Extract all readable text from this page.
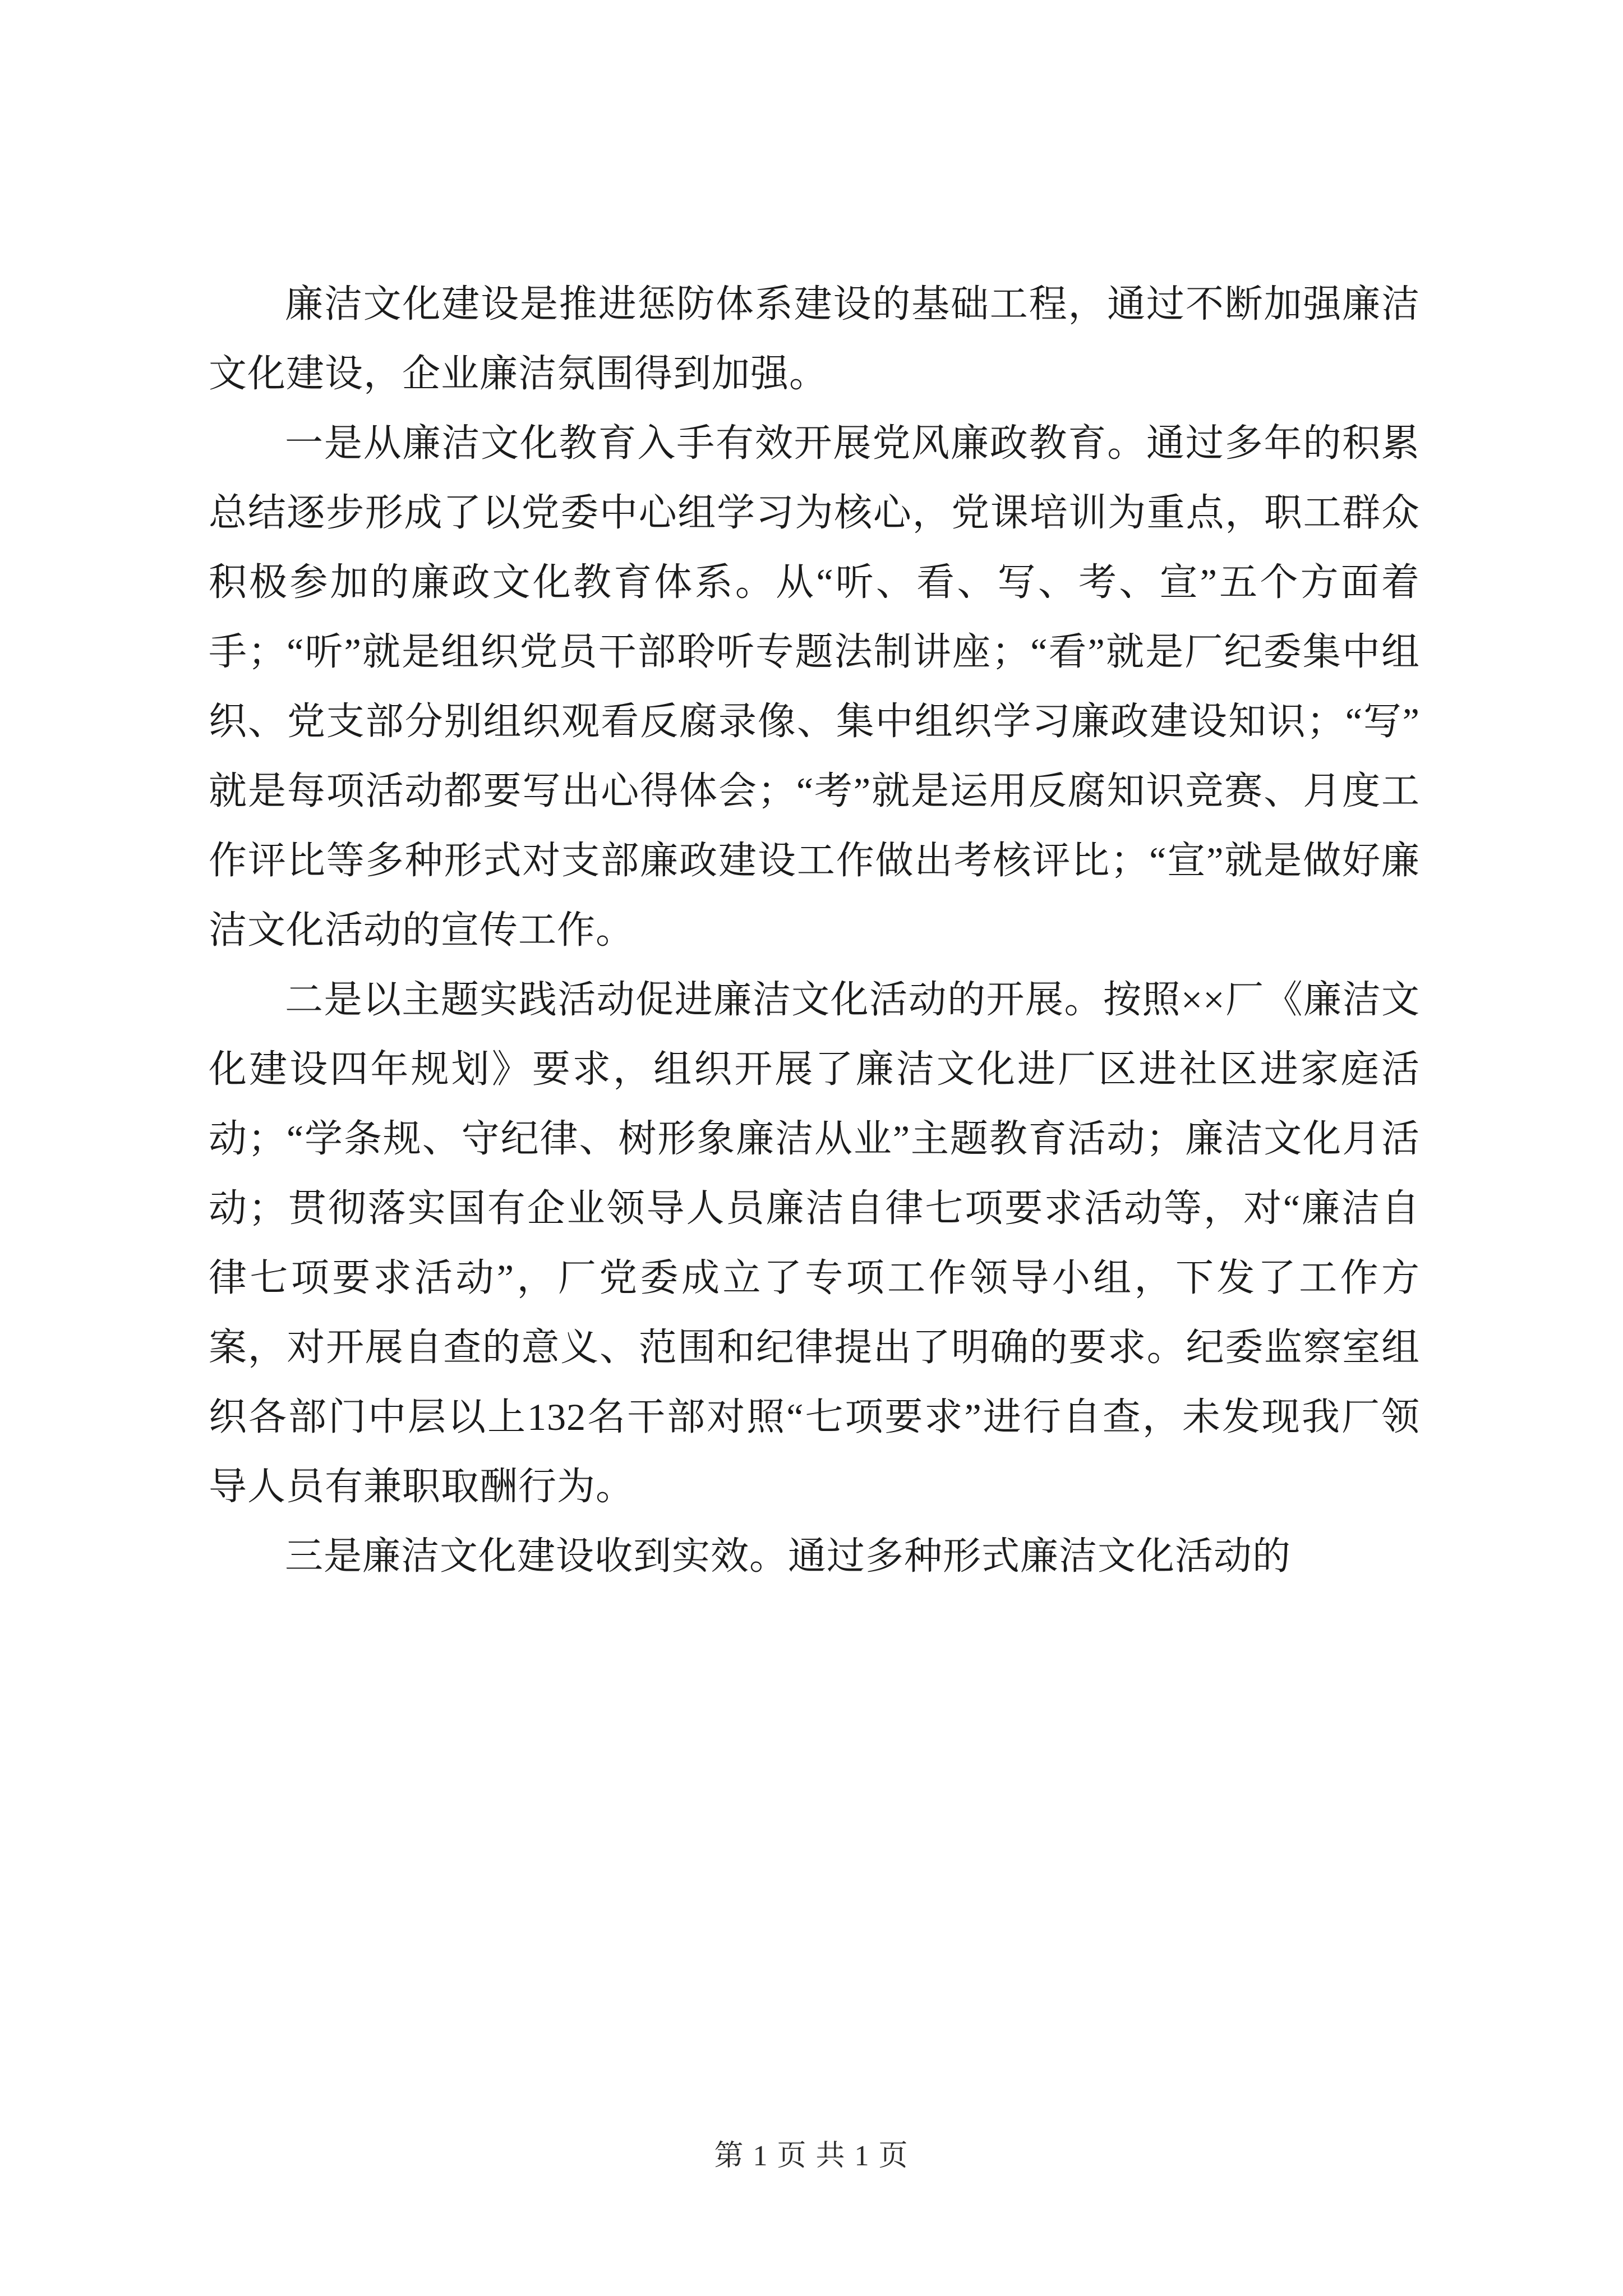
廉洁文化建设是推进惩防体系建设的基础工程，通过不断加强廉洁文化建设，企业廉洁氛围得到加强。

一是从廉洁文化教育入手有效开展党风廉政教育。通过多年的积累总结逐步形成了以党委中心组学习为核心，党课培训为重点，职工群众积极参加的廉政文化教育体系。从“听、看、写、考、宣”五个方面着手；“听”就是组织党员干部聆听专题法制讲座；“看”就是厂纪委集中组织、党支部分别组织观看反腐录像、集中组织学习廉政建设知识；“写”就是每项活动都要写出心得体会；“考”就是运用反腐知识竞赛、月度工作评比等多种形式对支部廉政建设工作做出考核评比；“宣”就是做好廉洁文化活动的宣传工作。

二是以主题实践活动促进廉洁文化活动的开展。按照××厂《廉洁文化建设四年规划》要求，组织开展了廉洁文化进厂区进社区进家庭活动；“学条规、守纪律、树形象廉洁从业”主题教育活动；廉洁文化月活动；贯彻落实国有企业领导人员廉洁自律七项要求活动等，对“廉洁自律七项要求活动”，厂党委成立了专项工作领导小组，下发了工作方案，对开展自查的意义、范围和纪律提出了明确的要求。纪委监察室组织各部门中层以上132名干部对照“七项要求”进行自查，未发现我厂领导人员有兼职取酬行为。

三是廉洁文化建设收到实效。通过多种形式廉洁文化活动的

第 1 页 共 1 页
